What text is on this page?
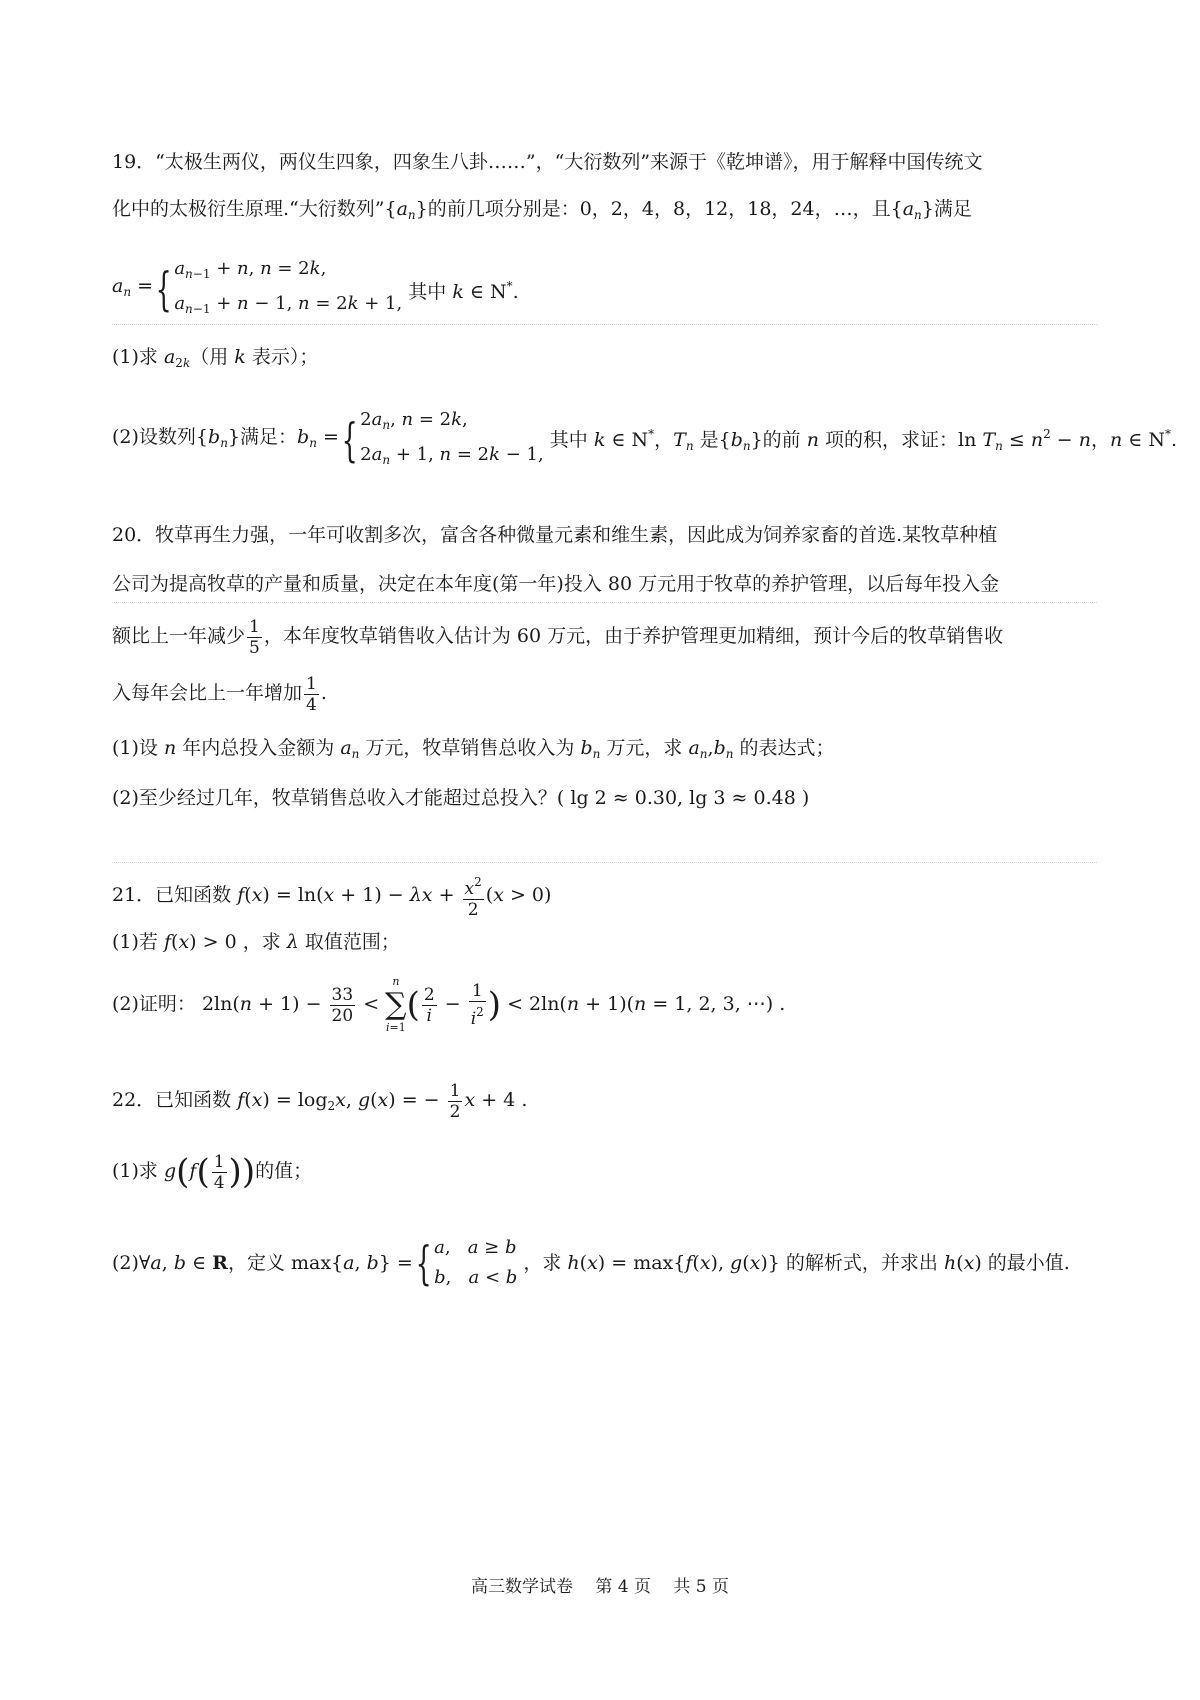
19．“太极生两仪，两仪生四象，四象生八卦……”，“大衍数列”来源于《乾坤谱》，用于解释中国传统文
化中的太极衍生原理.“大衍数列$”\{a_n\}$的前几项分别是：0，2，4，8，12，18，24，…，且$\{a_n\}$满足
$a_n$ ={ $a_{n-1} + n$, n = 2k,
$a_{n-1} + n - 1$, n = 2k + 1,
其中 k ∈ N*.
(1)求 $a_{2k}$（用 k 表示）；
(2)设数列$\{b_n\}$满足：$b_n$ ={ $2a_n$, n = 2k,
$2a_n + 1$, n = 2k − 1,
其中 k ∈ N*，$T_n$ 是$\{b_n\}$的前 n 项的积，求证：$\ln T_n \le n^2 - n$，n ∈ N*.
20．牧草再生力强，一年可收割多次，富含各种微量元素和维生素，因此成为饲养家畜的首选.某牧草种植
公司为提高牧草的产量和质量，决定在本年度(第一年)投入 80 万元用于牧草的养护管理，以后每年投入金
额比上一年减少 $\frac{1}{5}$ ，本年度牧草销售收入估计为 60 万元，由于养护管理更加精细，预计今后的牧草销售收
入每年会比上一年增加 $\frac{1}{4}$ .
(1)设 n 年内总投入金额为 $a_n$ 万元，牧草销售总收入为 $b_n$ 万元，求 $a_n,b_n$ 的表达式；
(2)至少经过几年，牧草销售总收入才能超过总投入？( lg 2 ≈ 0.30, lg 3 ≈ 0.48 )
21．已知函数 $f(x) = \ln(x + 1) - \lambda x + \frac{x^2}{2} (x > 0)$
(1)若 f(x) > 0 ，求 λ 取值范围；
(2)证明： $2\ln(n + 1) - \frac{33}{20}$ <
n
∑
i=1
( $\frac{2}{i} - \frac{1}{i^2}$ ) < 2ln(n + 1)(n = 1, 2, 3, ⋯) .
22．已知函数 $f(x) = \log_2x$, g(x) = − $\frac{1}{2}$ x + 4 .
(1)求 $g(f( \frac{1}{4}$ ))的值；
(2)∀a, b ∈ R，定义 max{a, b} ={ a,   a ≥ b
b,   a < b
，求 h(x) = max{f(x), g(x)} 的解析式，并求出 h(x) 的最小值.
高三数学试卷　 第 4 页　 共 5 页
